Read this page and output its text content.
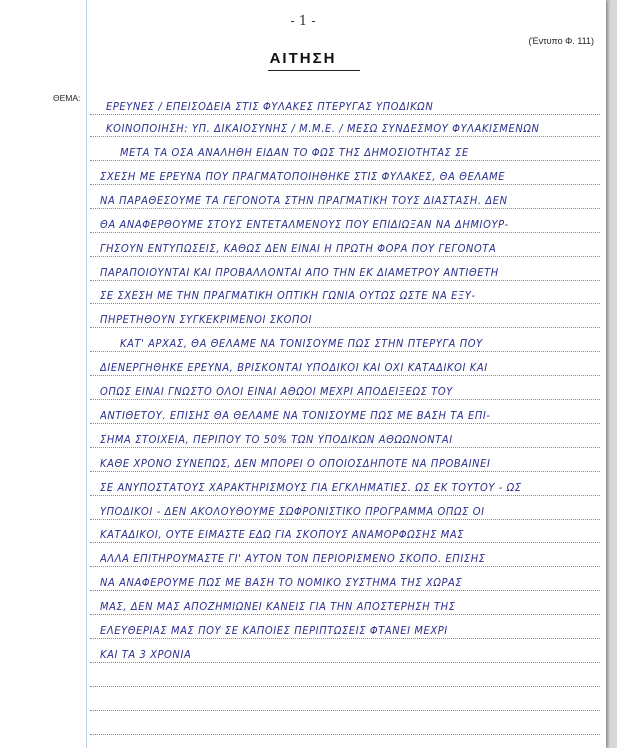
- 1 -
(Έντυπο Φ. 111)
ΑΙΤΗΣΗ
ΘΕΜΑ:
ΕΡΕΥΝΕΣ / ΕΠΕΙΣΟΔΕΙΑ ΣΤΙΣ ΦΥΛΑΚΕΣ ΠΤΕΡΥΓΑΣ ΥΠΟΔΙΚΩΝ
ΚΟΙΝΟΠΟΙΗΣΗ: ΥΠ. ΔΙΚΑΙΟΣΥΝΗΣ / Μ.Μ.Ε. / ΜΕΣΩ ΣΥΝΔΕΣΜΟΥ ΦΥΛΑΚΙΣΜΕΝΩΝ
ΜΕΤΑ ΤΑ ΟΣΑ ΑΝΑΛΗΘΗ ΕΙΔΑΝ ΤΟ ΦΩΣ ΤΗΣ ΔΗΜΟΣΙΟΤΗΤΑΣ ΣΕ
ΣΧΕΣΗ ΜΕ ΕΡΕΥΝΑ ΠΟΥ ΠΡΑΓΜΑΤΟΠΟΙΗΘΗΚΕ ΣΤΙΣ ΦΥΛΑΚΕΣ, ΘΑ ΘΕΛΑΜΕ
ΝΑ ΠΑΡΑΘΕΣΟΥΜΕ ΤΑ ΓΕΓΟΝΟΤΑ ΣΤΗΝ ΠΡΑΓΜΑΤΙΚΗ ΤΟΥΣ ΔΙΑΣΤΑΣΗ. ΔΕΝ
ΘΑ ΑΝΑΦΕΡΘΟΥΜΕ ΣΤΟΥΣ ΕΝΤΕΤΑΛΜΕΝΟΥΣ ΠΟΥ ΕΠΙΔΙΩΞΑΝ ΝΑ ΔΗΜΙΟΥΡ-
ΓΗΣΟΥΝ ΕΝΤΥΠΩΣΕΙΣ, ΚΑΘΩΣ ΔΕΝ ΕΙΝΑΙ Η ΠΡΩΤΗ ΦΟΡΑ ΠΟΥ ΓΕΓΟΝΟΤΑ
ΠΑΡΑΠΟΙΟΥΝΤΑΙ ΚΑΙ ΠΡΟΒΑΛΛΟΝΤΑΙ ΑΠΟ ΤΗΝ ΕΚ ΔΙΑΜΕΤΡΟΥ ΑΝΤΙΘΕΤΗ
ΣΕ ΣΧΕΣΗ ΜΕ ΤΗΝ ΠΡΑΓΜΑΤΙΚΗ ΟΠΤΙΚΗ ΓΩΝΙΑ ΟΥΤΩΣ ΩΣΤΕ ΝΑ ΕΞΥ-
ΠΗΡΕΤΗΘΟΥΝ ΣΥΓΚΕΚΡΙΜΕΝΟΙ ΣΚΟΠΟΙ
ΚΑΤ' ΑΡΧΑΣ, ΘΑ ΘΕΛΑΜΕ ΝΑ ΤΟΝΙΣΟΥΜΕ ΠΩΣ ΣΤΗΝ ΠΤΕΡΥΓΑ ΠΟΥ
ΔΙΕΝΕΡΓΗΘΗΚΕ ΕΡΕΥΝΑ, ΒΡΙΣΚΟΝΤΑΙ ΥΠΟΔΙΚΟΙ ΚΑΙ ΟΧΙ ΚΑΤΑΔΙΚΟΙ ΚΑΙ
ΟΠΩΣ ΕΙΝΑΙ ΓΝΩΣΤΟ ΟΛΟΙ ΕΙΝΑΙ ΑΘΩΟΙ ΜΕΧΡΙ ΑΠΟΔΕΙΞΕΩΣ ΤΟΥ
ΑΝΤΙΘΕΤΟΥ. ΕΠΙΣΗΣ ΘΑ ΘΕΛΑΜΕ ΝΑ ΤΟΝΙΣΟΥΜΕ ΠΩΣ ΜΕ ΒΑΣΗ ΤΑ ΕΠΙ-
ΣΗΜΑ ΣΤΟΙΧΕΙΑ, ΠΕΡΙΠΟΥ ΤΟ 50% ΤΩΝ ΥΠΟΔΙΚΩΝ ΑΘΩΩΝΟΝΤΑΙ
ΚΑΘΕ ΧΡΟΝΟ ΣΥΝΕΠΩΣ, ΔΕΝ ΜΠΟΡΕΙ Ο ΟΠΟΙΟΣΔΗΠΟΤΕ ΝΑ ΠΡΟΒΑΙΝΕΙ
ΣΕ ΑΝΥΠΟΣΤΑΤΟΥΣ ΧΑΡΑΚΤΗΡΙΣΜΟΥΣ ΓΙΑ ΕΓΚΛΗΜΑΤΙΕΣ. ΩΣ ΕΚ ΤΟΥΤΟΥ - ΩΣ
ΥΠΟΔΙΚΟΙ - ΔΕΝ ΑΚΟΛΟΥΘΟΥΜΕ ΣΩΦΡΟΝΙΣΤΙΚΟ ΠΡΟΓΡΑΜΜΑ ΟΠΩΣ ΟΙ
ΚΑΤΑΔΙΚΟΙ, ΟΥΤΕ ΕΙΜΑΣΤΕ ΕΔΩ ΓΙΑ ΣΚΟΠΟΥΣ ΑΝΑΜΟΡΦΩΣΗΣ ΜΑΣ
ΑΛΛΑ ΕΠΙΤΗΡΟΥΜΑΣΤΕ ΓΙ' ΑΥΤΟΝ ΤΟΝ ΠΕΡΙΟΡΙΣΜΕΝΟ ΣΚΟΠΟ. ΕΠΙΣΗΣ
ΝΑ ΑΝΑΦΕΡΟΥΜΕ ΠΩΣ ΜΕ ΒΑΣΗ ΤΟ ΝΟΜΙΚΟ ΣΥΣΤΗΜΑ ΤΗΣ ΧΩΡΑΣ
ΜΑΣ, ΔΕΝ ΜΑΣ ΑΠΟΖΗΜΙΩΝΕΙ ΚΑΝΕΙΣ ΓΙΑ ΤΗΝ ΑΠΟΣΤΕΡΗΣΗ ΤΗΣ
ΕΛΕΥΘΕΡΙΑΣ ΜΑΣ ΠΟΥ ΣΕ ΚΑΠΟΙΕΣ ΠΕΡΙΠΤΩΣΕΙΣ ΦΤΑΝΕΙ ΜΕΧΡΙ
ΚΑΙ ΤΑ 3 ΧΡΟΝΙΑ
